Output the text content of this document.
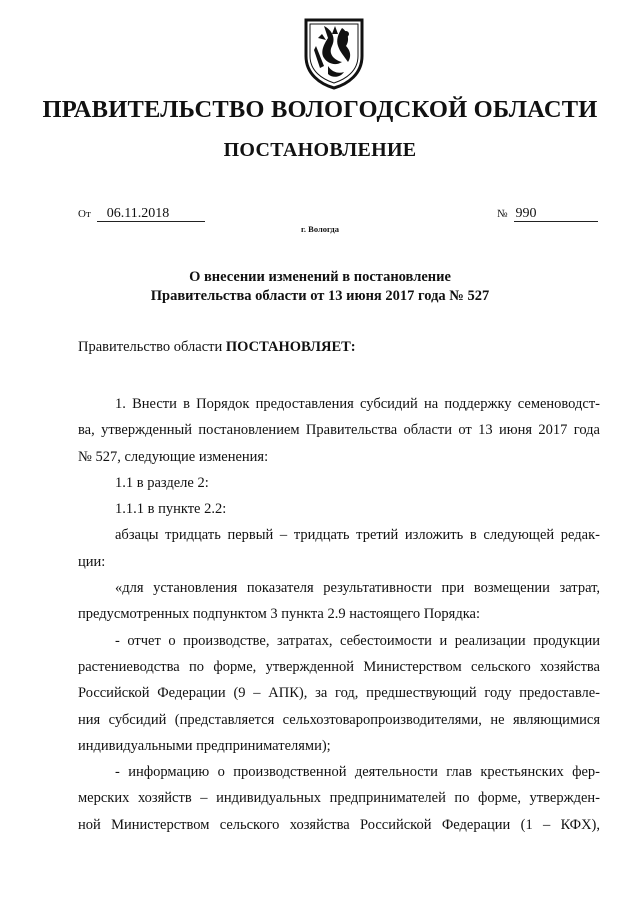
ПРАВИТЕЛЬСТВО ВОЛОГОДСКОЙ ОБЛАСТИ
ПОСТАНОВЛЕНИЕ
От 06.11.2018	№ 990
г. Вологда
О внесении изменений в постановление
Правительства области от 13 июня 2017 года № 527
Правительство области ПОСТАНОВЛЯЕТ:
1. Внести в Порядок предоставления субсидий на поддержку семеноводст-
ва, утвержденный постановлением Правительства области от 13 июня 2017 года
№ 527, следующие изменения:
1.1 в разделе 2:
1.1.1 в пункте 2.2:
абзацы тридцать первый – тридцать третий изложить в следующей редак-
ции:
«для установления показателя результативности при возмещении затрат,
предусмотренных подпунктом 3 пункта 2.9 настоящего Порядка:
- отчет о производстве, затратах, себестоимости и реализации продукции
растениеводства по форме, утвержденной Министерством сельского хозяйства
Российской Федерации (9 – АПК), за год, предшествующий году предоставле-
ния субсидий (представляется сельхозтоваропроизводителями, не являющимися
индивидуальными предпринимателями);
- информацию о производственной деятельности глав крестьянских фер-
мерских хозяйств – индивидуальных предпринимателей по форме, утвержден-
ной Министерством сельского хозяйства Российской Федерации (1 – КФХ),
